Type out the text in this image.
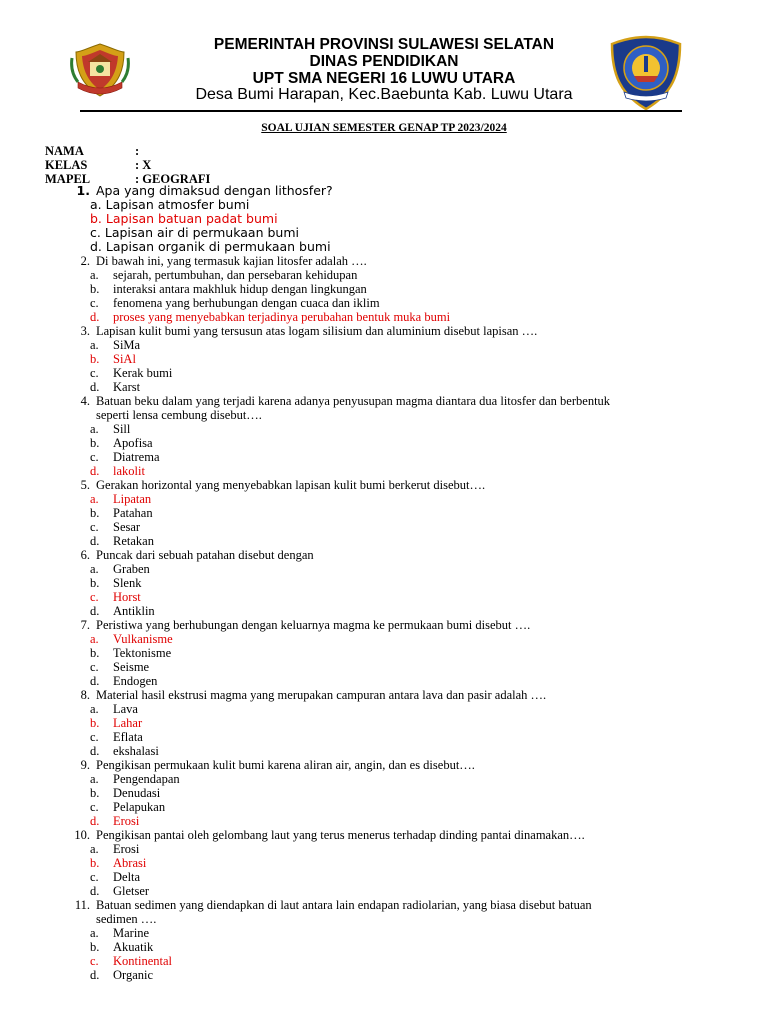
PEMERINTAH PROVINSI SULAWESI SELATAN
DINAS PENDIDIKAN
UPT SMA NEGERI 16 LUWU UTARA
Desa Bumi Harapan, Kec.Baebunta Kab. Luwu Utara
SOAL UJIAN SEMESTER GENAP TP 2023/2024
NAMA	:
KELAS	: X
MAPEL	: GEOGRAFI
1. Apa yang dimaksud dengan lithosfer?
a. Lapisan atmosfer bumi
b. Lapisan batuan padat bumi
c. Lapisan air di permukaan bumi
d. Lapisan organik di permukaan bumi
2. Di bawah ini, yang termasuk kajian litosfer adalah ….
a.	sejarah, pertumbuhan, dan persebaran kehidupan
b.	interaksi antara makhluk hidup dengan lingkungan
c.	fenomena yang berhubungan dengan cuaca dan iklim
d.	proses yang menyebabkan terjadinya perubahan bentuk muka bumi
3. Lapisan kulit bumi yang tersusun atas logam silisium dan aluminium disebut lapisan ….
a.	SiMa
b.	SiAl
c.	Kerak bumi
d.	Karst
4. Batuan beku dalam yang terjadi karena adanya penyusupan magma diantara dua litosfer dan berbentuk
seperti lensa cembung disebut….
a.	Sill
b.	Apofisa
c.	Diatrema
d.	lakolit
5. Gerakan horizontal yang menyebabkan lapisan kulit bumi berkerut disebut….
a.	Lipatan
b.	Patahan
c.	Sesar
d.	Retakan
6. Puncak dari sebuah patahan disebut dengan
a.	Graben
b.	Slenk
c.	Horst
d.	Antiklin
7. Peristiwa yang berhubungan dengan keluarnya magma ke permukaan bumi disebut ….
a.	Vulkanisme
b.	Tektonisme
c.	Seisme
d.	Endogen
8. Material hasil ekstrusi magma yang merupakan campuran antara lava dan pasir adalah ….
a.	Lava
b.	Lahar
c.	Eflata
d.	ekshalasi
9. Pengikisan permukaan kulit bumi karena aliran air, angin, dan es disebut….
a.	Pengendapan
b.	Denudasi
c.	Pelapukan
d.	Erosi
10. Pengikisan pantai oleh gelombang laut yang terus menerus terhadap dinding pantai dinamakan….
a.	Erosi
b.	Abrasi
c.	Delta
d.	Gletser
11. Batuan sedimen yang diendapkan di laut antara lain endapan radiolarian, yang biasa disebut batuan
sedimen ….
a.	Marine
b.	Akuatik
c.	Kontinental
d.	Organic
